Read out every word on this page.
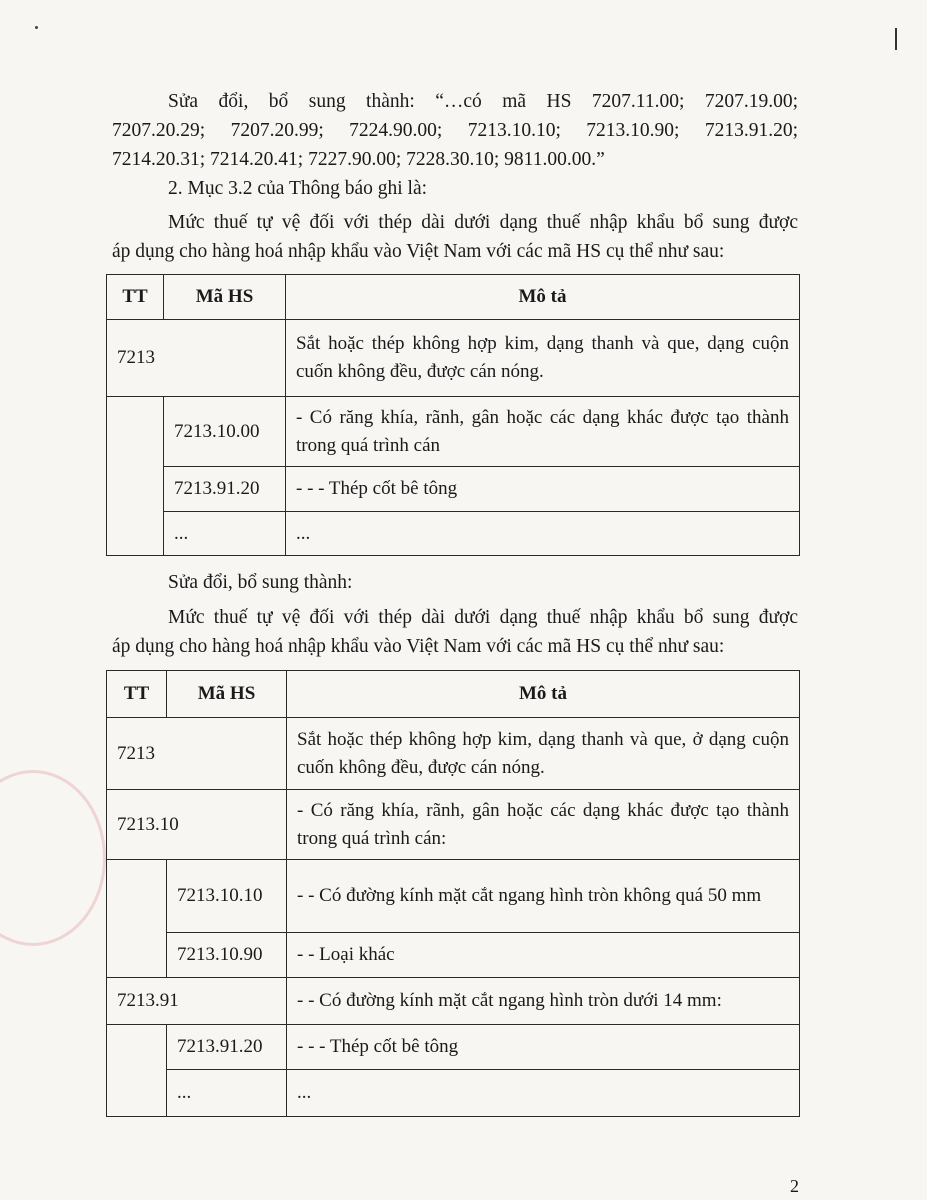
Sửa đổi, bổ sung thành: “…có mã HS 7207.11.00; 7207.19.00;

7207.20.29; 7207.20.99; 7224.90.00; 7213.10.10; 7213.10.90; 7213.91.20;

7214.20.31; 7214.20.41; 7227.90.00; 7228.30.10; 9811.00.00.”

2. Mục 3.2 của Thông báo ghi là:

Mức thuế tự vệ đối với thép dài dưới dạng thuế nhập khẩu bổ sung được

áp dụng cho hàng hoá nhập khẩu vào Việt Nam với các mã HS cụ thể như sau:

TT	Mã HS	Mô tả
7213		Sắt hoặc thép không hợp kim, dạng thanh và que, dạng cuộn cuốn không đều, được cán nóng.
	7213.10.00	- Có răng khía, rãnh, gân hoặc các dạng khác được tạo thành trong quá trình cán
	7213.91.20	- - - Thép cốt bê tông
	...	...

Sửa đổi, bổ sung thành:

Mức thuế tự vệ đối với thép dài dưới dạng thuế nhập khẩu bổ sung được

áp dụng cho hàng hoá nhập khẩu vào Việt Nam với các mã HS cụ thể như sau:

TT	Mã HS	Mô tả
7213		Sắt hoặc thép không hợp kim, dạng thanh và que, ở dạng cuộn cuốn không đều, được cán nóng.
7213.10		- Có răng khía, rãnh, gân hoặc các dạng khác được tạo thành trong quá trình cán:
	7213.10.10	- - Có đường kính mặt cắt ngang hình tròn không quá 50 mm
	7213.10.90	- - Loại khác
7213.91		- - Có đường kính mặt cắt ngang hình tròn dưới 14 mm:
	7213.91.20	- - - Thép cốt bê tông
	...	...
2
